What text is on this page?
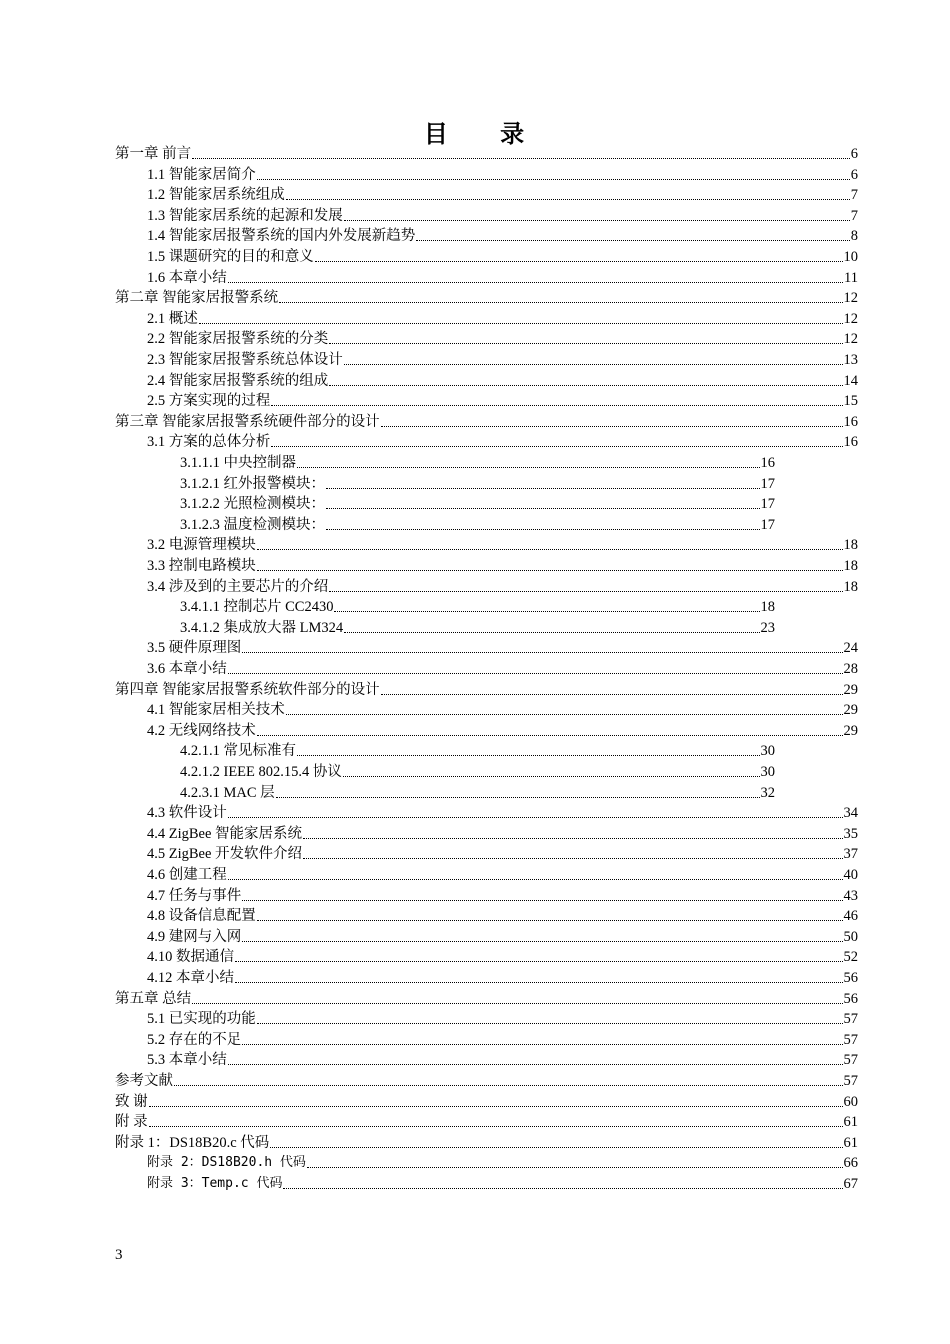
目 录
第一章 前言	6
1.1 智能家居简介	6
1.2 智能家居系统组成	7
1.3 智能家居系统的起源和发展	7
1.4 智能家居报警系统的国内外发展新趋势	8
1.5 课题研究的目的和意义	10
1.6 本章小结	11
第二章 智能家居报警系统	12
2.1 概述	12
2.2 智能家居报警系统的分类	12
2.3 智能家居报警系统总体设计	13
2.4 智能家居报警系统的组成	14
2.5 方案实现的过程	15
第三章 智能家居报警系统硬件部分的设计	16
3.1 方案的总体分析	16
3.1.1.1 中央控制器	16
3.1.2.1 红外报警模块：	17
3.1.2.2 光照检测模块：	17
3.1.2.3 温度检测模块：	17
3.2 电源管理模块	18
3.3 控制电路模块	18
3.4 涉及到的主要芯片的介绍	18
3.4.1.1 控制芯片 CC2430	18
3.4.1.2 集成放大器 LM324	23
3.5 硬件原理图	24
3.6 本章小结	28
第四章 智能家居报警系统软件部分的设计	29
4.1 智能家居相关技术	29
4.2 无线网络技术	29
4.2.1.1 常见标准有	30
4.2.1.2 IEEE 802.15.4 协议	30
4.2.3.1 MAC 层	32
4.3 软件设计	34
4.4 ZigBee 智能家居系统	35
4.5 ZigBee 开发软件介绍	37
4.6 创建工程	40
4.7 任务与事件	43
4.8 设备信息配置	46
4.9 建网与入网	50
4.10 数据通信	52
4.12 本章小结	56
第五章 总结	56
5.1 已实现的功能	57
5.2 存在的不足	57
5.3 本章小结	57
参考文献	57
致 谢	60
附 录	61
附录 1：DS18B20.c 代码	61
附录 2：DS18B20.h 代码	66
附录 3：Temp.c 代码	67
3
